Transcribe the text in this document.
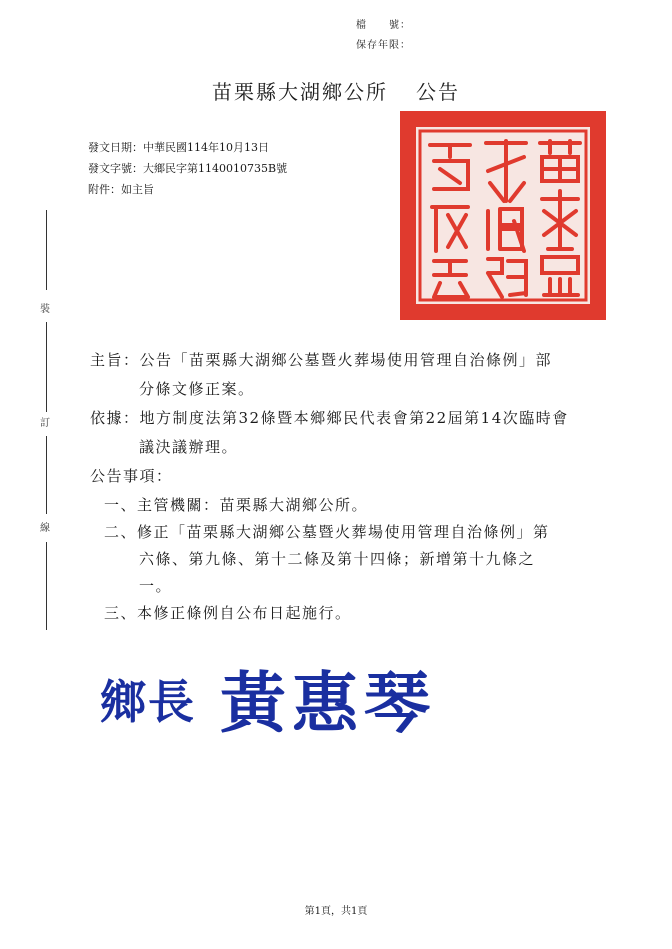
檔　　號：
保存年限：
苗栗縣大湖鄉公所 公告
發文日期：中華民國114年10月13日
發文字號：大鄉民字第1140010735B號
附件：如主旨
裝
訂
線
主旨：公告「苗栗縣大湖鄉公墓暨火葬場使用管理自治條例」部
分條文修正案。
依據：地方制度法第32條暨本鄉鄉民代表會第22屆第14次臨時會
議決議辦理。
公告事項：
一、主管機關：苗栗縣大湖鄉公所。
二、修正「苗栗縣大湖鄉公墓暨火葬場使用管理自治條例」第
六條、第九條、第十二條及第十四條；新增第十九條之
一。
三、本修正條例自公布日起施行。
鄉長 黃惠琴
第1頁，共1頁
